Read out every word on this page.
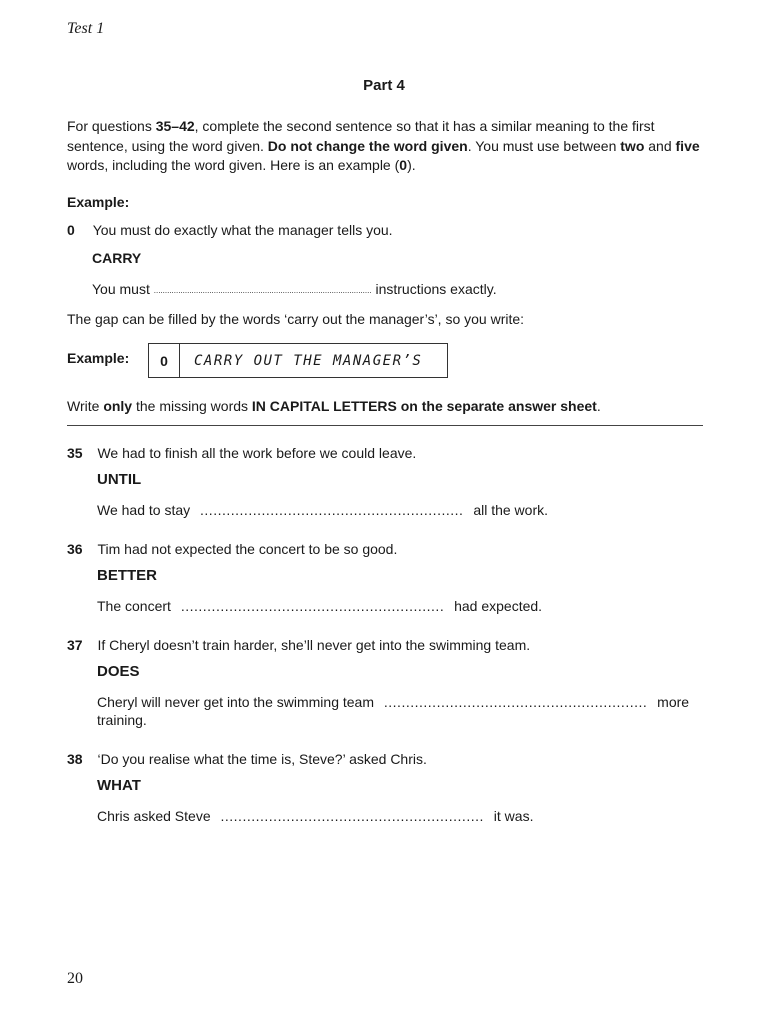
Test 1
Part 4
For questions 35–42, complete the second sentence so that it has a similar meaning to the first sentence, using the word given. Do not change the word given. You must use between two and five words, including the word given. Here is an example (0).
Example:
0 You must do exactly what the manager tells you.
CARRY
You must .................................................................................................. instructions exactly.
The gap can be filled by the words ‘carry out the manager’s’, so you write:
Example:	0	CARRY OUT THE MANAGER’S
Write only the missing words IN CAPITAL LETTERS on the separate answer sheet.
35 We had to finish all the work before we could leave.
UNTIL
We had to stay ............................................................ all the work.
36 Tim had not expected the concert to be so good.
BETTER
The concert ............................................................ had expected.
37 If Cheryl doesn’t train harder, she’ll never get into the swimming team.
DOES
Cheryl will never get into the swimming team ............................................................ more
training.
38 ‘Do you realise what the time is, Steve?’ asked Chris.
WHAT
Chris asked Steve ............................................................ it was.
20
